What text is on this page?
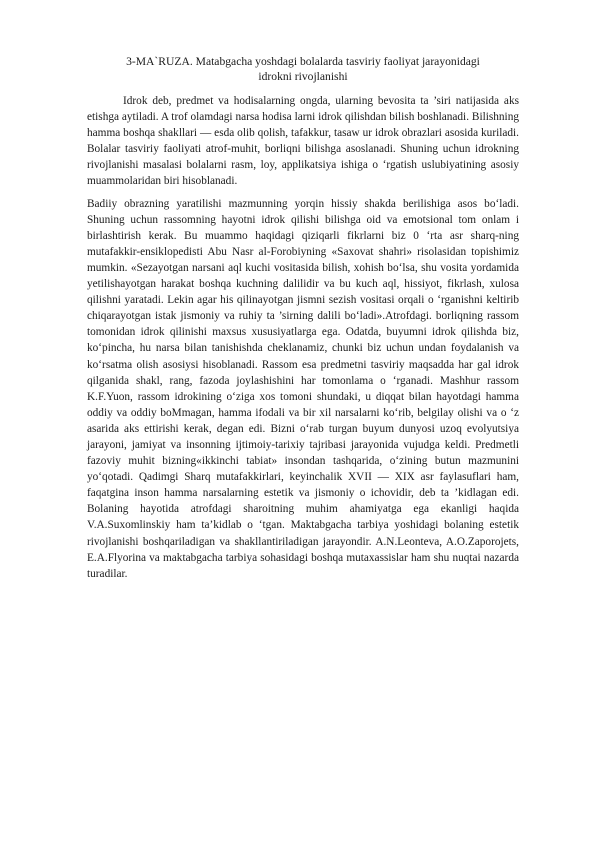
3-MA`RUZA. Matabgacha yoshdagi bolalarda tasviriy faoliyat jarayonidagi
idrokni rivojlanishi

Idrok deb, predmet va hodisalarning ongda, ularning bevosita ta ’siri natijasida aks etishga aytiladi. A trof olamdagi narsa hodisa larni idrok qilishdan bilish boshlanadi. Bilishning hamma boshqa shakllari — esda olib qolish, tafakkur, tasaw ur idrok obrazlari asosida kuriladi. Bolalar tasviriy faoliyati atrof-muhit, borliqni bilishga asoslanadi. Shuning uchun idrokning rivojlanishi masalasi bolalarni rasm, loy, applikatsiya ishiga o ‘rgatish uslubiyatining asosiy muammolaridan biri hisoblanadi.

Badiiy obrazning yaratilishi mazmunning yorqin hissiy shakda berilishiga asos bo‘ladi. Shuning uchun rassomning hayotni idrok qilishi bilishga oid va emotsional tom onlam i birlashtirish kerak. Bu muammo haqidagi qiziqarli fikrlarni biz 0 ‘rta asr sharq-ning mutafakkir-ensiklopedisti Abu Nasr al-Forobiyning «Saxovat shahri» risolasidan topishimiz mumkin. «Sezayotgan narsani aql kuchi vositasida bilish, xohish bo‘lsa, shu vosita yordamida yetilishayotgan harakat boshqa kuchning dalilidir va bu kuch aql, hissiyot, fikrlash, xulosa qilishni yaratadi. Lekin agar his qilinayotgan jismni sezish vositasi orqali o ‘rganishni keltirib chiqarayotgan istak jismoniy va ruhiy ta ’sirning dalili bo‘ladi».Atrofdagi. borliqning rassom tomonidan idrok qilinishi maxsus xususiyatlarga ega. Odatda, buyumni idrok qilishda biz, ko‘pincha, hu narsa bilan tanishishda cheklanamiz, chunki biz uchun undan foydalanish va ko‘rsatma olish asosiysi hisoblanadi. Rassom esa predmetni tasviriy maqsadda har gal idrok qilganida shakl, rang, fazoda joylashishini har tomonlama o ‘rganadi. Mashhur rassom K.F.Yuon, rassom idrokining o‘ziga xos tomoni shundaki, u diqqat bilan hayotdagi hamma oddiy va oddiy boMmagan, hamma ifodali va bir xil narsalarni ko‘rib, belgilay olishi va o ‘z asarida aks ettirishi kerak, degan edi. Bizni o‘rab turgan buyum dunyosi uzoq evolyutsiya jarayoni, jamiyat va insonning ijtimoiy-tarixiy tajribasi jarayonida vujudga keldi. Predmetli fazoviy muhit bizning«ikkinchi tabiat» insondan tashqarida, o‘zining butun mazmunini yo‘qotadi. Qadimgi Sharq mutafakkirlari, keyinchalik XVII — XIX asr faylasuflari ham, faqatgina inson hamma narsalarning estetik va jismoniy o ichovidir, deb ta ’kidlagan edi. Bolaning hayotida atrofdagi sharoitning muhim ahamiyatga ega ekanligi haqida V.A.Suxomlinskiy ham ta’kidlab o ‘tgan. Maktabgacha tarbiya yoshidagi bolaning estetik rivojlanishi boshqariladigan va shakllantiriladigan jarayondir. A.N.Leonteva, A.O.Zaporojets, E.A.Flyorina va maktabgacha tarbiya sohasidagi boshqa mutaxassislar ham shu nuqtai nazarda turadilar.
